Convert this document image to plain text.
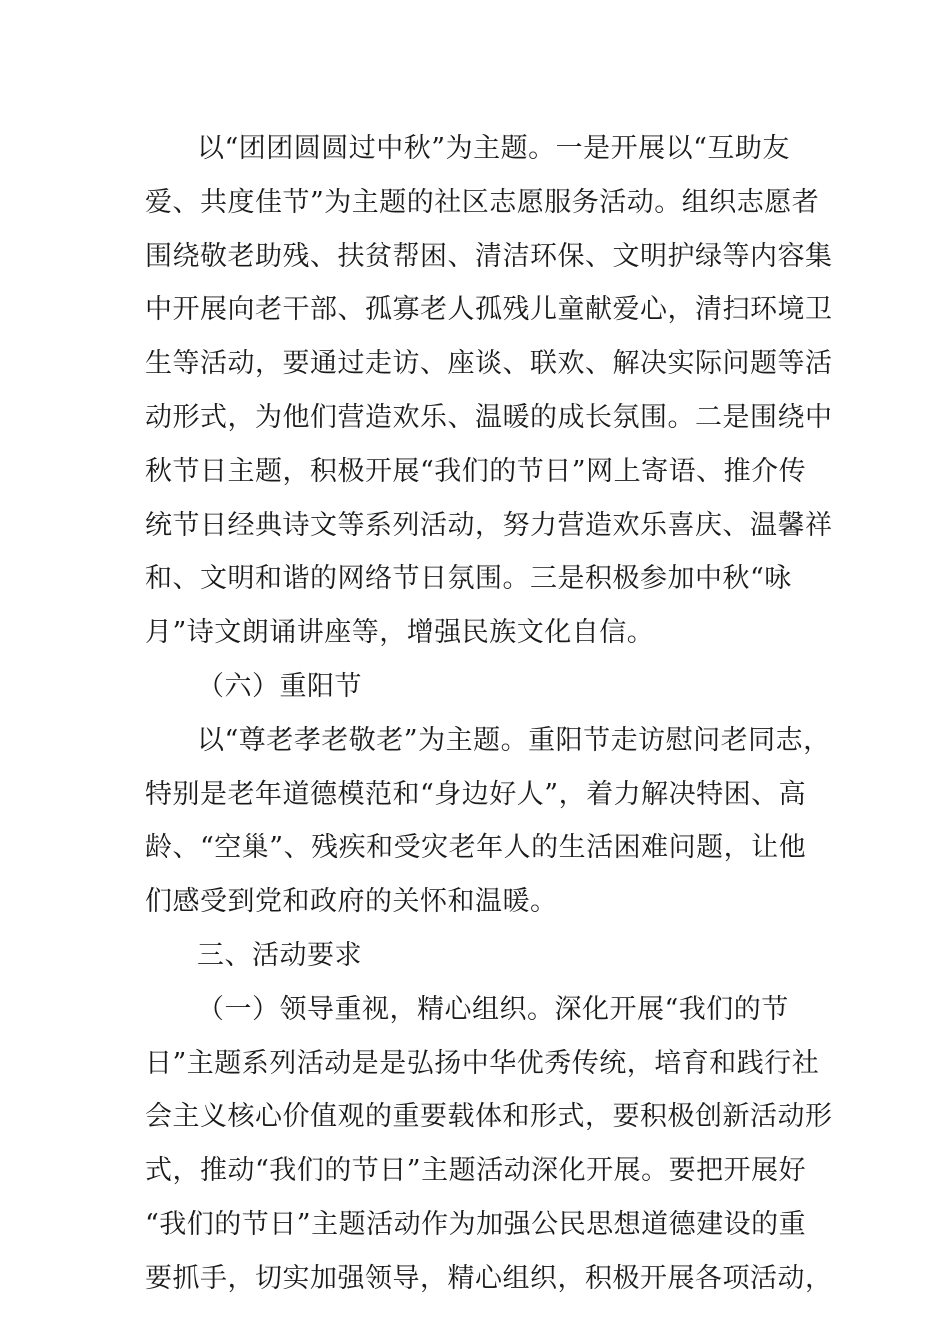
以“团团圆圆过中秋”为主题。一是开展以“互助友
爱、共度佳节”为主题的社区志愿服务活动。组织志愿者
围绕敬老助残、扶贫帮困、清洁环保、文明护绿等内容集
中开展向老干部、孤寡老人孤残儿童献爱心，清扫环境卫
生等活动，要通过走访、座谈、联欢、解决实际问题等活
动形式，为他们营造欢乐、温暖的成长氛围。二是围绕中
秋节日主题，积极开展“我们的节日”网上寄语、推介传
统节日经典诗文等系列活动，努力营造欢乐喜庆、温馨祥
和、文明和谐的网络节日氛围。三是积极参加中秋“咏
月”诗文朗诵讲座等，增强民族文化自信。
（六）重阳节
以“尊老孝老敬老”为主题。重阳节走访慰问老同志，
特别是老年道德模范和“身边好人”，着力解决特困、高
龄、“空巢”、残疾和受灾老年人的生活困难问题，让他
们感受到党和政府的关怀和温暖。
三、活动要求
（一）领导重视，精心组织。深化开展“我们的节
日”主题系列活动是是弘扬中华优秀传统，培育和践行社
会主义核心价值观的重要载体和形式，要积极创新活动形
式，推动“我们的节日”主题活动深化开展。要把开展好
“我们的节日”主题活动作为加强公民思想道德建设的重
要抓手，切实加强领导，精心组织，积极开展各项活动，
